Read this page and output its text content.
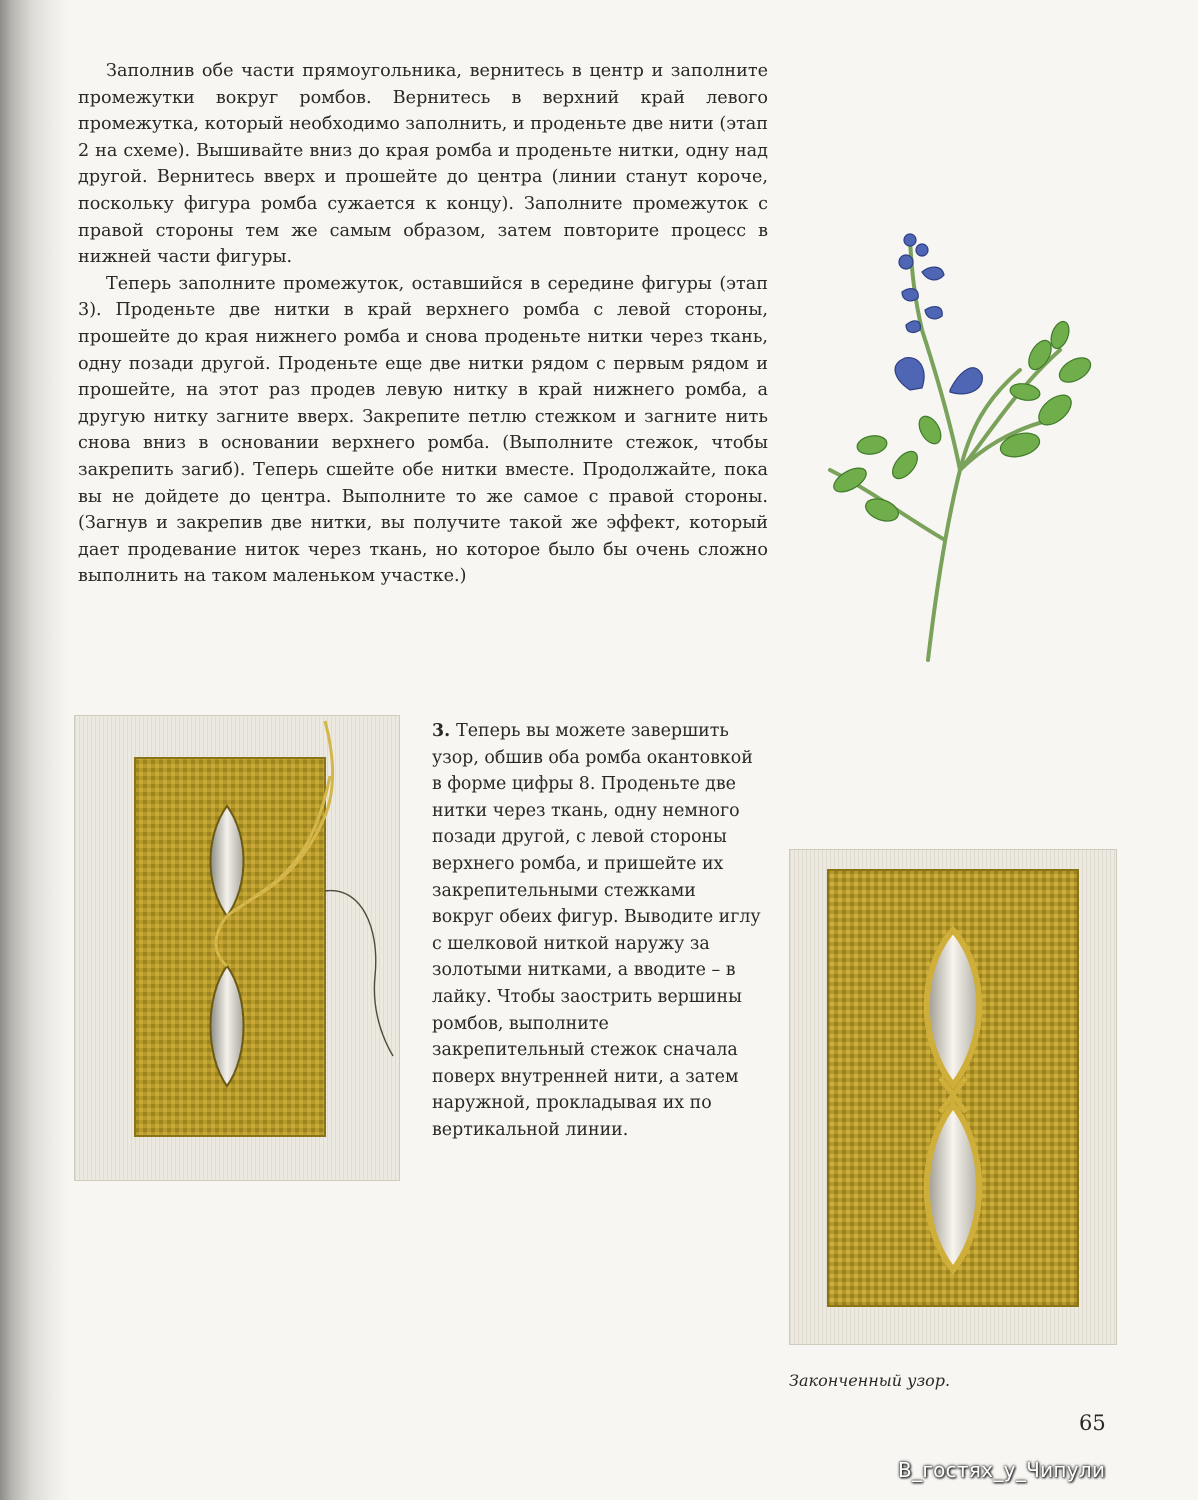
Заполнив обе части прямоугольника, вернитесь в центр и заполните промежутки вокруг ромбов. Вернитесь в верхний край левого промежутка, который необходимо заполнить, и проденьте две нити (этап 2 на схеме). Вышивайте вниз до края ромба и проденьте нитки, одну над другой. Вернитесь вверх и прошейте до центра (линии станут короче, поскольку фигура ромба сужается к концу). Заполните промежуток с правой стороны тем же самым образом, затем повторите процесс в нижней части фигуры.

Теперь заполните промежуток, оставшийся в середине фигуры (этап 3). Проденьте две нитки в край верхнего ромба с левой стороны, прошейте до края нижнего ромба и снова проденьте нитки через ткань, одну позади другой. Проденьте еще две нитки рядом с первым рядом и прошейте, на этот раз продев левую нитку в край нижнего ромба, а другую нитку загните вверх. Закрепите петлю стежком и загните нить снова вниз в основании верхнего ромба. (Выполните стежок, чтобы закрепить загиб). Теперь сшейте обе нитки вместе. Продолжайте, пока вы не дойдете до центра. Выполните то же самое с правой стороны. (Загнув и закрепив две нитки, вы получите такой же эффект, который дает продевание ниток через ткань, но которое было бы очень сложно выполнить на таком маленьком участке.)

3. Теперь вы можете завершить узор, обшив оба ромба окантовкой в форме цифры 8. Проденьте две нитки через ткань, одну немного позади другой, с левой стороны верхнего ромба, и пришейте их закрепительными стежками вокруг обеих фигур. Выводите иглу с шелковой ниткой наружу за золотыми нитками, а вводите – в лайку. Чтобы заострить вершины ромбов, выполните закрепительный стежок сначала поверх внутренней нити, а затем наружной, прокладывая их по вертикальной линии.
Законченный узор.
65
В_гостях_у_Чипули
